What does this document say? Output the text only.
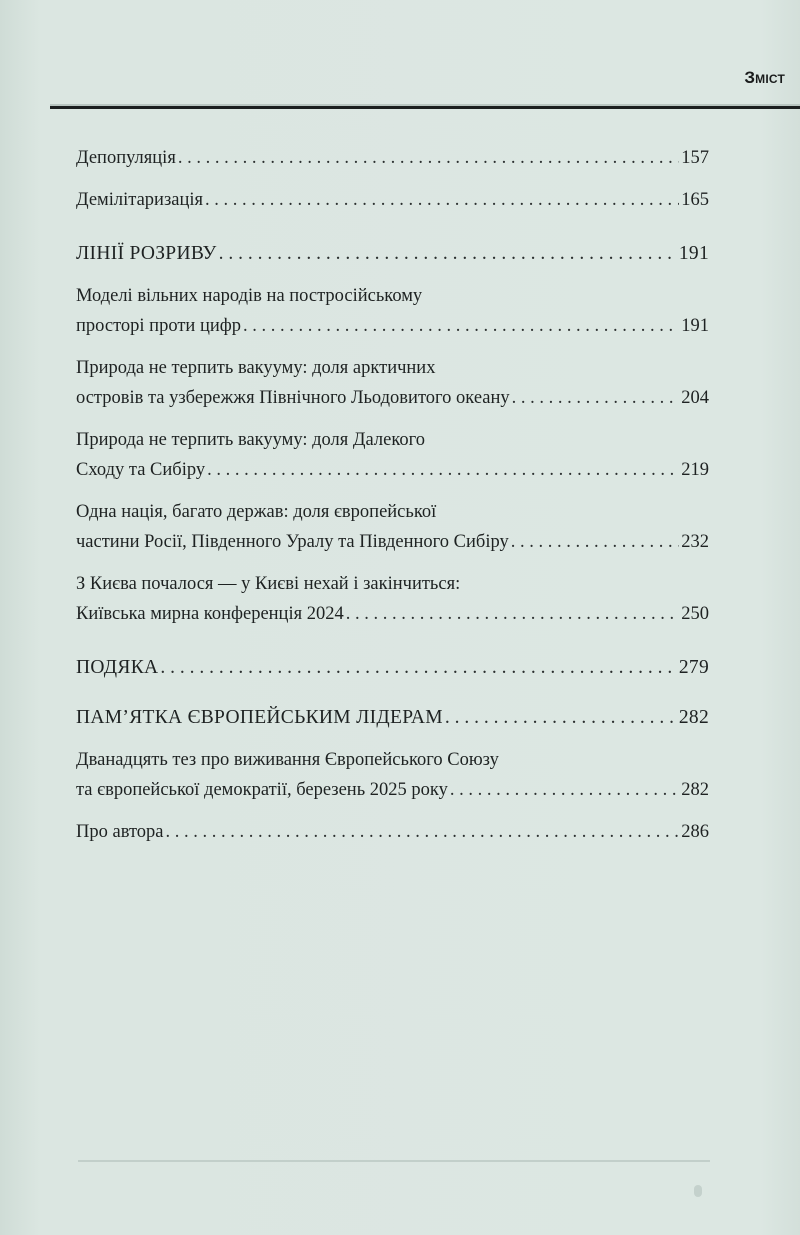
Зміст
Депопуляція . . .	157
Демілітаризація . . .	165
ЛІНІЇ РОЗРИВУ . . .	191
Моделі вільних народів на постросійському
просторі проти цифр . . .	191
Природа не терпить вакууму: доля арктичних
островів та узбережжя Північного Льодовитого океану . . .	204
Природа не терпить вакууму: доля Далекого
Сходу та Сибіру . . .	219
Одна нація, багато держав: доля європейської
частини Росії, Південного Уралу та Південного Сибіру . . .	232
З Києва почалося — у Києві нехай і закінчиться:
Київська мирна конференція 2024 . . .	250
ПОДЯКА . . .	279
ПАМ’ЯТКА ЄВРОПЕЙСЬКИМ ЛІДЕРАМ . . .	282
Дванадцять тез про виживання Європейського Союзу
та європейської демократії, березень 2025 року . . .	282
Про автора . . .	286
